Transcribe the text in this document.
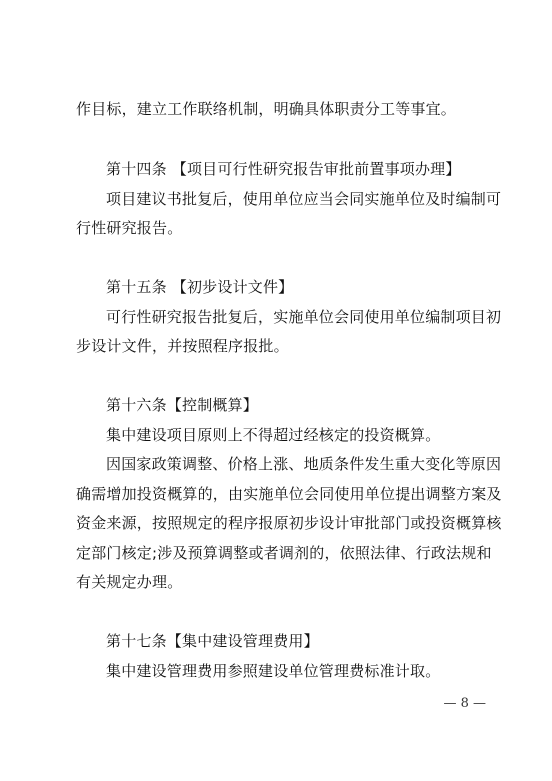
作目标，建立工作联络机制，明确具体职责分工等事宜。
第十四条 【项目可行性研究报告审批前置事项办理】
项目建议书批复后，使用单位应当会同实施单位及时编制可
行性研究报告。
第十五条 【初步设计文件】
可行性研究报告批复后，实施单位会同使用单位编制项目初
步设计文件，并按照程序报批。
第十六条【控制概算】
集中建设项目原则上不得超过经核定的投资概算。
因国家政策调整、价格上涨、地质条件发生重大变化等原因
确需增加投资概算的，由实施单位会同使用单位提出调整方案及
资金来源，按照规定的程序报原初步设计审批部门或投资概算核
定部门核定;涉及预算调整或者调剂的，依照法律、行政法规和
有关规定办理。
第十七条【集中建设管理费用】
集中建设管理费用参照建设单位管理费标准计取。
— 8 —
